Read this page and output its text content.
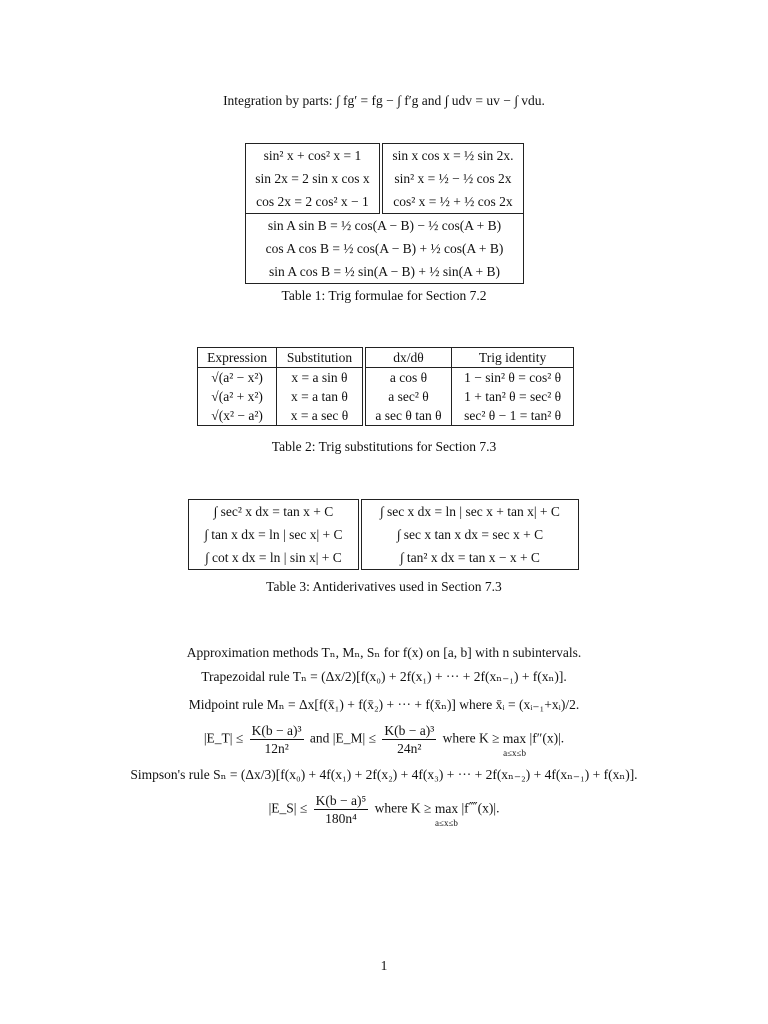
Integration by parts: ∫ fg′ = fg − ∫ f′g and ∫ udv = uv − ∫ vdu.
sin² x + cos² x = 1	sin x cos x = ½ sin 2x.
sin 2x = 2 sin x cos x	sin² x = ½ − ½ cos 2x
cos 2x = 2 cos² x − 1	cos² x = ½ + ½ cos 2x
sin A sin B = ½ cos(A − B) − ½ cos(A + B)	
cos A cos B = ½ cos(A − B) + ½ cos(A + B)	
sin A cos B = ½ sin(A − B) + ½ sin(A + B)	
Table 1: Trig formulae for Section 7.2
Expression	Substitution	dx/dθ	Trig identity
√(a² − x²)	x = a sin θ	a cos θ	1 − sin² θ = cos² θ
√(a² + x²)	x = a tan θ	a sec² θ	1 + tan² θ = sec² θ
√(x² − a²)	x = a sec θ	a sec θ tan θ	sec² θ − 1 = tan² θ
Table 2: Trig substitutions for Section 7.3
∫ sec² x dx = tan x + C	∫ sec x dx = ln | sec x + tan x| + C
∫ tan x dx = ln | sec x| + C	∫ sec x tan x dx = sec x + C
∫ cot x dx = ln | sin x| + C	∫ tan² x dx = tan x − x + C
Table 3: Antiderivatives used in Section 7.3
Approximation methods Tₙ, Mₙ, Sₙ for f(x) on [a, b] with n subintervals.
Trapezoidal rule Tₙ = (Δx/2)[f(x₀) + 2f(x₁) + ··· + 2f(xₙ₋₁) + f(xₙ)].
Midpoint rule Mₙ = Δx[f(x̄₁) + f(x̄₂) + ··· + f(x̄ₙ)] where x̄ᵢ = (xᵢ₋₁+xᵢ)/2.
|E_T| ≤ $\frac{\text{K(b − a)³}}{\text{12n²}}$ and |E_M| ≤ $\frac{\text{K(b − a)³}}{\text{24n²}}$ where K ≥ max
a≤x≤b
|f″(x)|.
Simpson's rule Sₙ = (Δx/3)[f(x₀) + 4f(x₁) + 2f(x₂) + 4f(x₃) + ··· + 2f(xₙ₋₂) + 4f(xₙ₋₁) + f(xₙ)].
|E_S| ≤ $\frac{\text{K(b − a)⁵}}{\text{180n⁴}}$ where K ≥ max
a≤x≤b
|f⁗(x)|.
1
